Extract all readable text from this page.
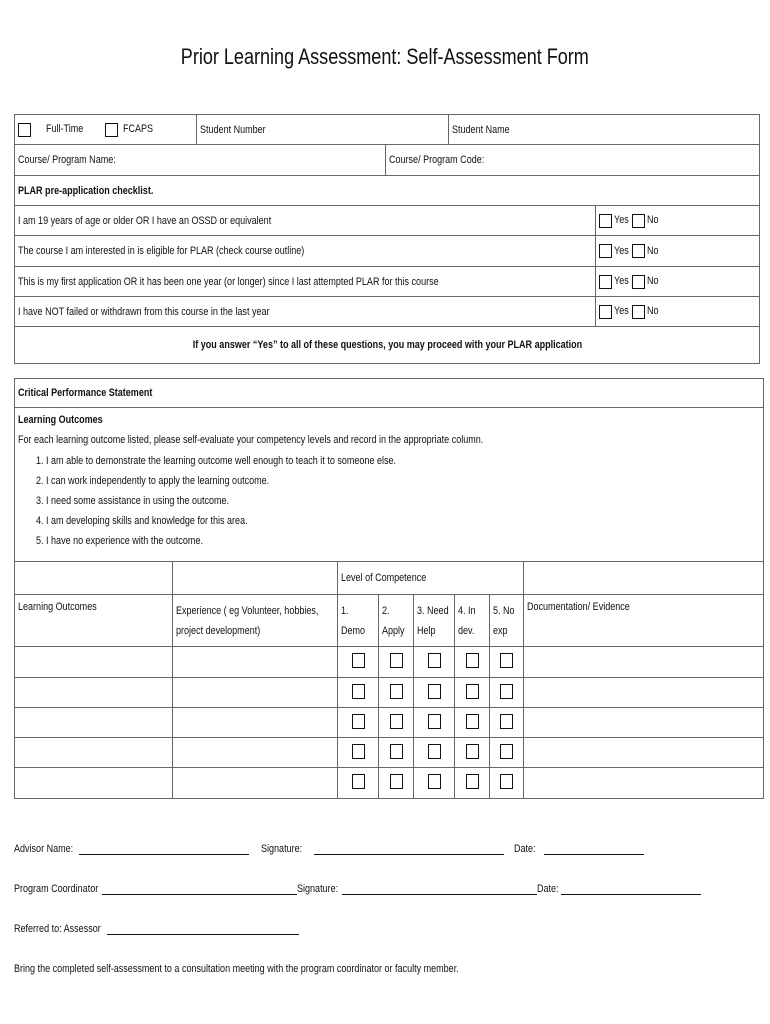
Prior Learning Assessment: Self-Assessment Form
Full-Time	FCAPS	Student Number	Student Name
Course/ Program Name:	Course/ Program Code:
PLAR pre-application checklist.	
I am 19 years of age or older OR I have an OSSD or equivalent	Yes No
The course I am interested in is eligible for PLAR (check course outline)	Yes No
This is my first application OR it has been one year (or longer) since I last attempted PLAR for this course	Yes No
I have NOT failed or withdrawn from this course in the last year	Yes No
If you answer “Yes” to all of these questions, you may proceed with your PLAR application	
Critical Performance Statement

Learning Outcomes
For each learning outcome listed, please self-evaluate your competency levels and record in the appropriate column.
1. I am able to demonstrate the learning outcome well enough to teach it to someone else.
2. I can work independently to apply the learning outcome.
3. I need some assistance in using the outcome.
4. I am developing skills and knowledge for this area.
5. I have no experience with the outcome.
		Level of Competence					
Learning Outcomes	Experience ( eg Volunteer, hobbies, project development)	1. Demo	2. Apply	3. Need Help	4. In dev.	5. No exp	Documentation/ Evidence

Advisor Name:	Signature:	Date:
Program Coordinator	Signature:	Date:
Referred to: Assessor
Bring the completed self-assessment to a consultation meeting with the program coordinator or faculty member.
